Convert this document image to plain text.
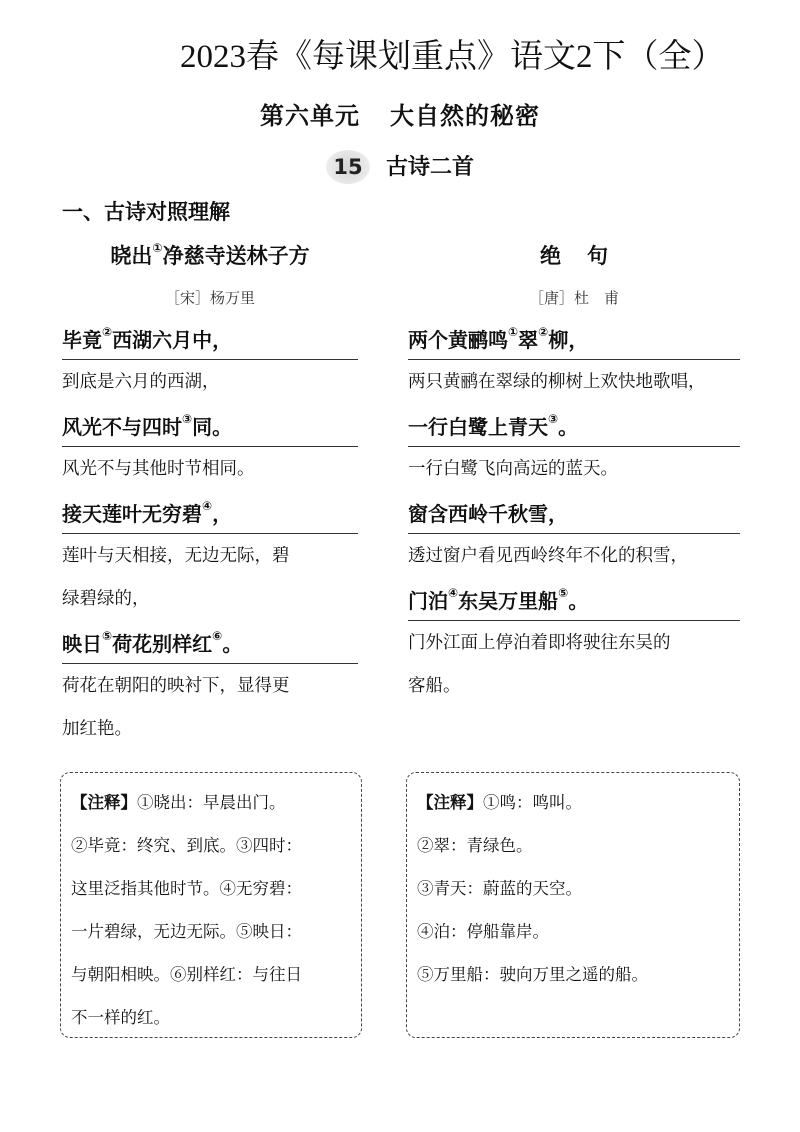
2023春《每课划重点》语文2下（全）
第六单元 大自然的秘密
15 古诗二首
一、古诗对照理解
晓出①净慈寺送林子方
［宋］杨万里
毕竟②西湖六月中，
到底是六月的西湖，
风光不与四时③同。
风光不与其他时节相同。
接天莲叶无穷碧④，
莲叶与天相接，无边无际，碧
绿碧绿的，
映日⑤荷花别样红⑥。
荷花在朝阳的映衬下，显得更
加红艳。
绝句
［唐］杜　甫
两个黄鹂鸣①翠②柳，
两只黄鹂在翠绿的柳树上欢快地歌唱，
一行白鹭上青天③。
一行白鹭飞向高远的蓝天。
窗含西岭千秋雪，
透过窗户看见西岭终年不化的积雪，
门泊④东吴万里船⑤。
门外江面上停泊着即将驶往东吴的
客船。
【注释】①晓出：早晨出门。
②毕竟：终究、到底。③四时：
这里泛指其他时节。④无穷碧：
一片碧绿，无边无际。⑤映日：
与朝阳相映。⑥别样红：与往日
不一样的红。
【注释】①鸣：鸣叫。
②翠：青绿色。
③青天：蔚蓝的天空。
④泊：停船靠岸。
⑤万里船：驶向万里之遥的船。
